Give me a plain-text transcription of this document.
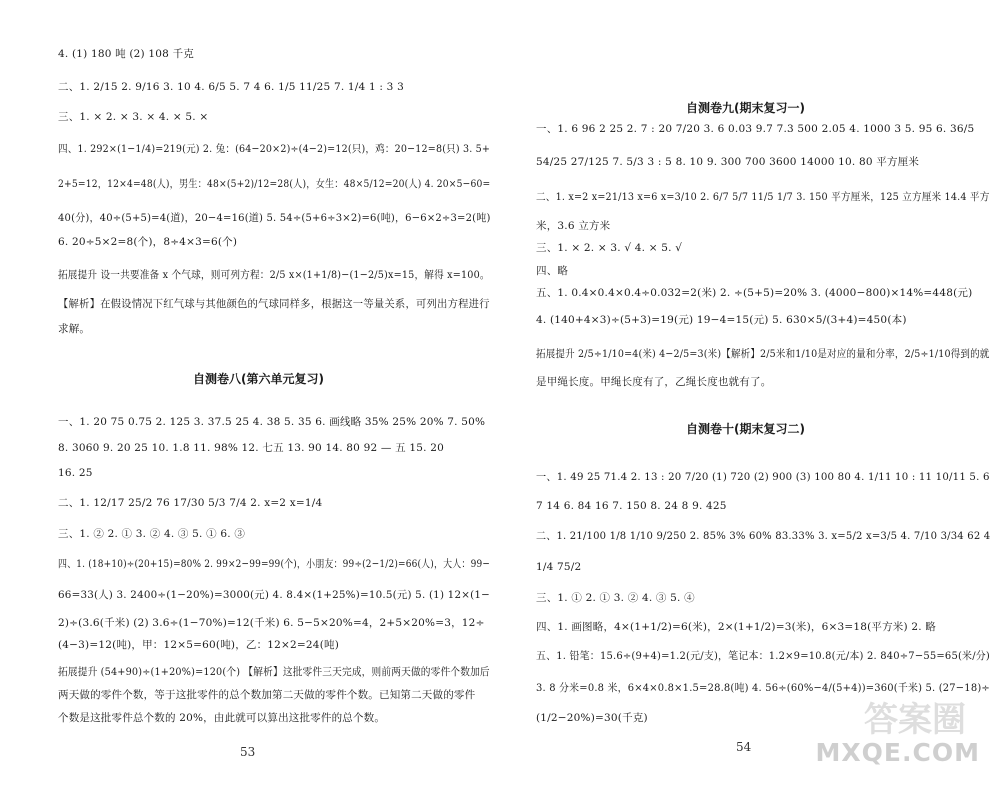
4. (1) 180 吨 (2) 108 千克
二、1. 2/15 2. 9/16 3. 10 4. 6/5 5. 7 4 6. 1/5 11/25 7. 1/4 1 : 3 3
三、1. × 2. × 3. × 4. × 5. ×
四、1. 292×(1−1/4)=219(元) 2. 兔：(64−20×2)÷(4−2)=12(只)，鸡：20−12=8(只) 3. 5+
2+5=12，12×4=48(人)，男生：48×(5+2)/12=28(人)，女生：48×5/12=20(人) 4. 20×5−60=
40(分)，40÷(5+5)=4(道)，20−4=16(道) 5. 54÷(5+6÷3×2)=6(吨)，6−6×2÷3=2(吨)
6. 20÷5×2=8(个)，8÷4×3=6(个)
拓展提升 设一共要准备 x 个气球，则可列方程：2/5 x×(1+1/8)−(1−2/5)x=15，解得 x=100。
【解析】在假设情况下红气球与其他颜色的气球同样多，根据这一等量关系，可列出方程进行
求解。
自测卷八(第六单元复习)
一、1. 20 75 0.75 2. 125 3. 37.5 25 4. 38 5. 35 6. 画线略 35% 25% 20% 7. 50%
8. 3060 9. 20 25 10. 1.8 11. 98% 12. 七五 13. 90 14. 80 92 — 五 15. 20
16. 25
二、1. 12/17 25/2 76 17/30 5/3 7/4 2. x=2 x=1/4
三、1. ② 2. ① 3. ② 4. ③ 5. ① 6. ③
四、1. (18+10)÷(20+15)=80% 2. 99×2−99=99(个)，小朋友：99÷(2−1/2)=66(人)，大人：99−
66=33(人) 3. 2400÷(1−20%)=3000(元) 4. 8.4×(1+25%)=10.5(元) 5. (1) 12×(1−
2)÷(3.6(千米) (2) 3.6÷(1−70%)=12(千米) 6. 5−5×20%=4，2+5×20%=3，12÷
(4−3)=12(吨)，甲：12×5=60(吨)，乙：12×2=24(吨)
拓展提升 (54+90)÷(1+20%)=120(个) 【解析】这批零件三天完成，则前两天做的零件个数加后
两天做的零件个数，等于这批零件的总个数加第二天做的零件个数。已知第二天做的零件
个数是这批零件总个数的 20%，由此就可以算出这批零件的总个数。
53
自测卷九(期末复习一)
一、1. 6 96 2 25 2. 7 : 20 7/20 3. 6 0.03 9.7 7.3 500 2.05 4. 1000 3 5. 95 6. 36/5
54/25 27/125 7. 5/3 3 : 5 8. 10 9. 300 700 3600 14000 10. 80 平方厘米
二、1. x=2 x=21/13 x=6 x=3/10 2. 6/7 5/7 11/5 1/7 3. 150 平方厘米，125 立方厘米 14.4 平方
米，3.6 立方米
三、1. × 2. × 3. √ 4. × 5. √
四、略
五、1. 0.4×0.4×0.4÷0.032=2(米) 2. ÷(5+5)=20% 3. (4000−800)×14%=448(元)
4. (140+4×3)÷(5+3)=19(元) 19−4=15(元) 5. 630×5/(3+4)=450(本)
拓展提升 2/5÷1/10=4(米) 4−2/5=3(米)【解析】2/5米和1/10是对应的量和分率，2/5÷1/10得到的就
是甲绳长度。甲绳长度有了，乙绳长度也就有了。
自测卷十(期末复习二)
一、1. 49 25 71.4 2. 13 : 20 7/20 (1) 720 (2) 900 (3) 100 80 4. 1/11 10 : 11 10/11 5. 6
7 14 6. 84 16 7. 150 8. 24 8 9. 425
二、1. 21/100 1/8 1/10 9/250 2. 85% 3% 60% 83.33% 3. x=5/2 x=3/5 4. 7/10 3/34 62 4
1/4 75/2
三、1. ① 2. ① 3. ② 4. ③ 5. ④
四、1. 画图略，4×(1+1/2)=6(米)，2×(1+1/2)=3(米)，6×3=18(平方米) 2. 略
五、1. 铅笔：15.6÷(9+4)=1.2(元/支)，笔记本：1.2×9=10.8(元/本) 2. 840÷7−55=65(米/分)
3. 8 分米=0.8 米，6×4×0.8×1.5=28.8(吨) 4. 56÷(60%−4/(5+4))=360(千米) 5. (27−18)÷
(1/2−20%)=30(千克)
54
答案圈
MXQE.COM
